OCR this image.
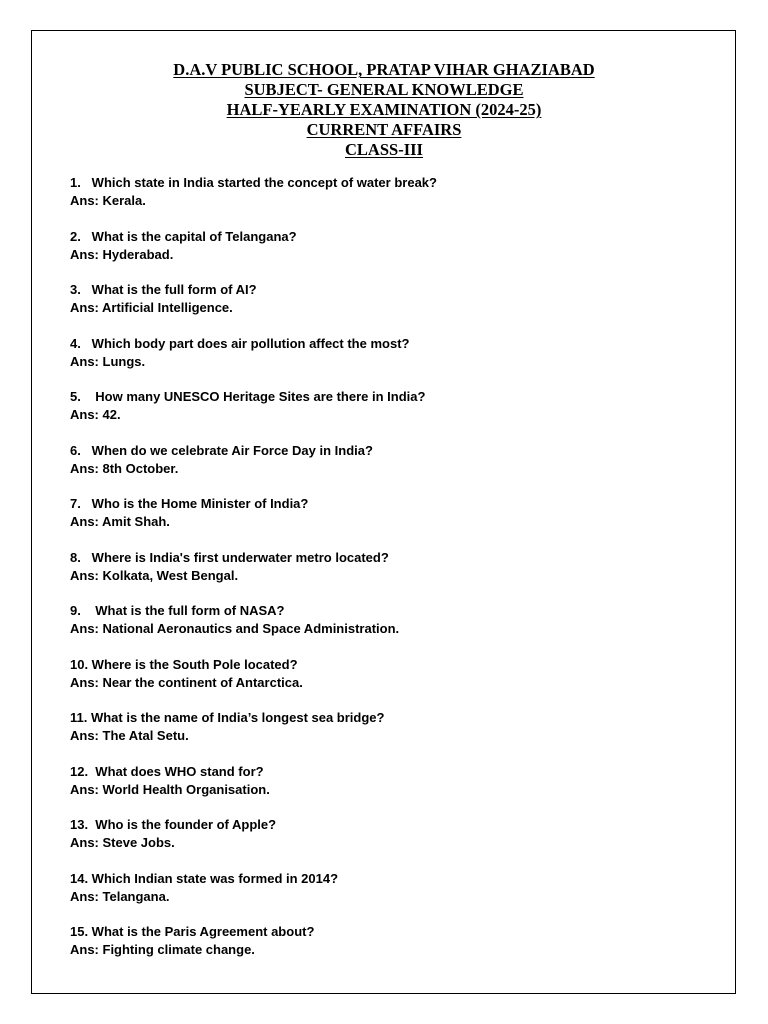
D.A.V PUBLIC SCHOOL, PRATAP VIHAR GHAZIABAD
SUBJECT- GENERAL KNOWLEDGE
HALF-YEARLY EXAMINATION (2024-25)
CURRENT AFFAIRS
CLASS-III
1.   Which state in India started the concept of water break?
Ans: Kerala.
2.   What is the capital of Telangana?
Ans: Hyderabad.
3.   What is the full form of AI?
Ans: Artificial Intelligence.
4.   Which body part does air pollution affect the most?
Ans: Lungs.
5.    How many UNESCO Heritage Sites are there in India?
Ans: 42.
6.   When do we celebrate Air Force Day in India?
Ans: 8th October.
7.   Who is the Home Minister of India?
Ans: Amit Shah.
8.   Where is India's first underwater metro located?
Ans: Kolkata, West Bengal.
9.    What is the full form of NASA?
Ans: National Aeronautics and Space Administration.
10. Where is the South Pole located?
Ans: Near the continent of Antarctica.
11. What is the name of India’s longest sea bridge?
Ans: The Atal Setu.
12.  What does WHO stand for?
Ans: World Health Organisation.
13.  Who is the founder of Apple?
Ans: Steve Jobs.
14. Which Indian state was formed in 2014?
Ans: Telangana.
15. What is the Paris Agreement about?
Ans: Fighting climate change.
